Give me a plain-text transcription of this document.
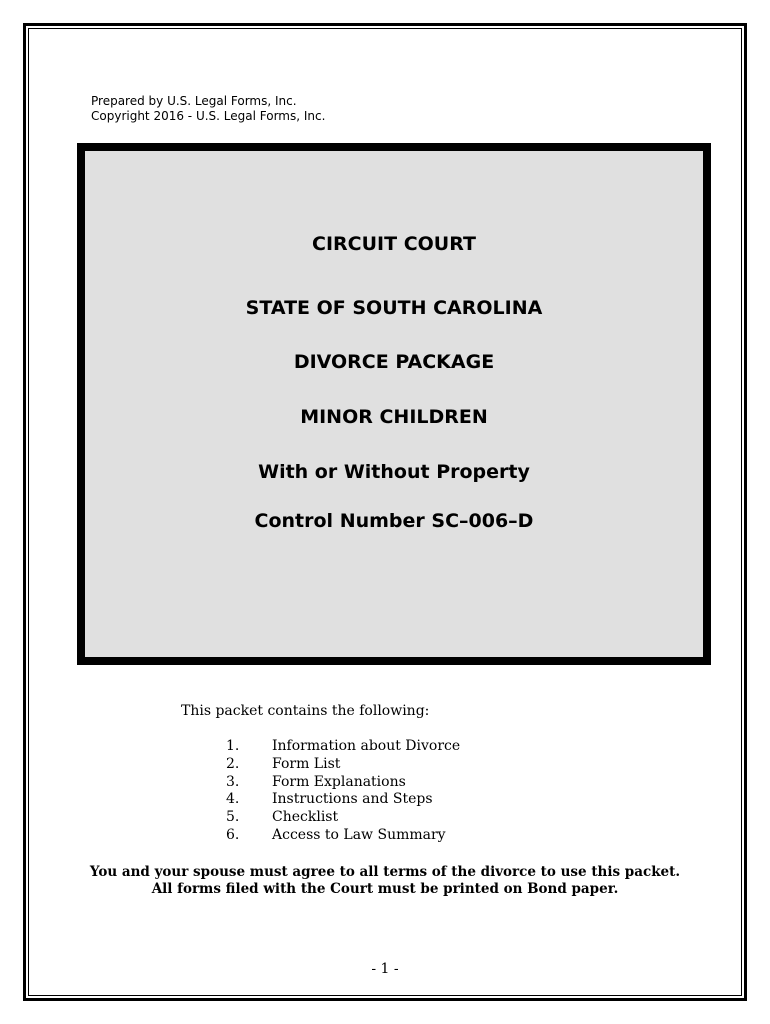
Prepared by U.S. Legal Forms, Inc.
Copyright 2016 - U.S. Legal Forms, Inc.
CIRCUIT COURT
STATE OF SOUTH CAROLINA
DIVORCE PACKAGE
MINOR CHILDREN
With or Without Property
Control Number SC–006–D
This packet contains the following:
1. Information about Divorce
2. Form List
3. Form Explanations
4. Instructions and Steps
5. Checklist
6. Access to Law Summary
You and your spouse must agree to all terms of the divorce to use this packet.
All forms filed with the Court must be printed on Bond paper.
- 1 -
